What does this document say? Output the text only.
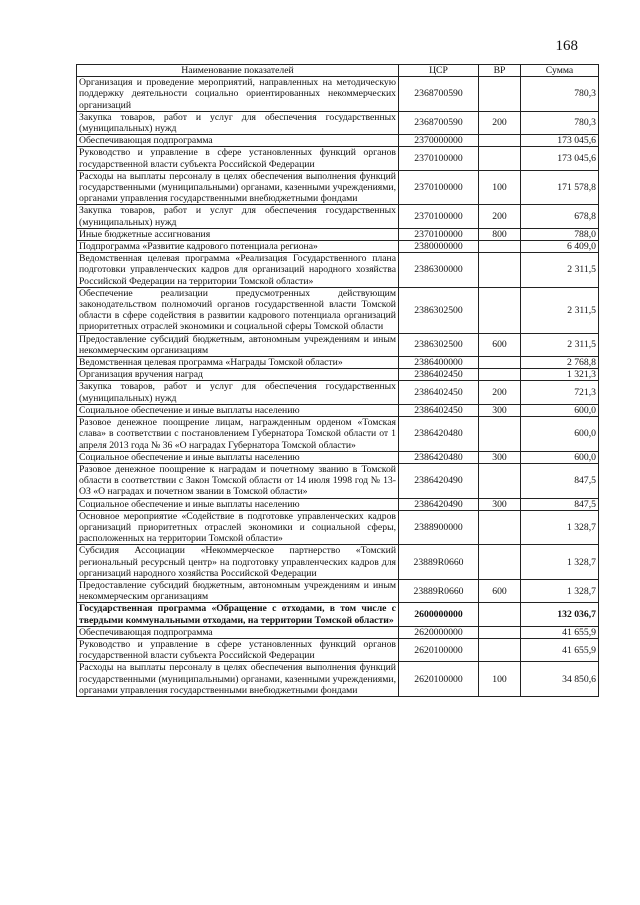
168
Наименование показателей	ЦСР	ВР	Сумма
Организация и проведение мероприятий, направленных на методическую поддержку деятельности социально ориентированных некоммерческих организаций	2368700590		780,3
Закупка товаров, работ и услуг для обеспечения государственных (муниципальных) нужд	2368700590	200	780,3
Обеспечивающая подпрограмма	2370000000		173 045,6
Руководство и управление в сфере установленных функций органов государственной власти субъекта Российской Федерации	2370100000		173 045,6
Расходы на выплаты персоналу в целях обеспечения выполнения функций государственными (муниципальными) органами, казенными учреждениями, органами управления государственными внебюджетными фондами	2370100000	100	171 578,8
Закупка товаров, работ и услуг для обеспечения государственных (муниципальных) нужд	2370100000	200	678,8
Иные бюджетные ассигнования	2370100000	800	788,0
Подпрограмма «Развитие кадрового потенциала региона»	2380000000		6 409,0
Ведомственная целевая программа «Реализация Государственного плана подготовки управленческих кадров для организаций народного хозяйства Российской Федерации на территории Томской области»	2386300000		2 311,5
Обеспечение реализации предусмотренных действующим законодательством полномочий органов государственной власти Томской области в сфере содействия в развитии кадрового потенциала организаций приоритетных отраслей экономики и социальной сферы Томской области	2386302500		2 311,5
Предоставление субсидий бюджетным, автономным учреждениям и иным некоммерческим организациям	2386302500	600	2 311,5
Ведомственная целевая программа «Награды Томской области»	2386400000		2 768,8
Организация вручения наград	2386402450		1 321,3
Закупка товаров, работ и услуг для обеспечения государственных (муниципальных) нужд	2386402450	200	721,3
Социальное обеспечение и иные выплаты населению	2386402450	300	600,0
Разовое денежное поощрение лицам, награжденным орденом «Томская слава» в соответствии с постановлением Губернатора Томской области от 1 апреля 2013 года № 36 «О наградах Губернатора Томской области»	2386420480		600,0
Социальное обеспечение и иные выплаты населению	2386420480	300	600,0
Разовое денежное поощрение к наградам и почетному званию в Томской области в соответствии с Закон Томской области от 14 июля 1998 год № 13-ОЗ «О наградах и почетном звании в Томской области»	2386420490		847,5
Социальное обеспечение и иные выплаты населению	2386420490	300	847,5
Основное мероприятие «Содействие в подготовке управленческих кадров организаций приоритетных отраслей экономики и социальной сферы, расположенных на территории Томской области»	2388900000		1 328,7
Субсидия Ассоциации «Некоммерческое партнерство «Томский региональный ресурсный центр» на подготовку управленческих кадров для организаций народного хозяйства Российской Федерации	23889R0660		1 328,7
Предоставление субсидий бюджетным, автономным учреждениям и иным некоммерческим организациям	23889R0660	600	1 328,7
Государственная программа «Обращение с отходами, в том числе с твердыми коммунальными отходами, на территории Томской области»	2600000000		132 036,7
Обеспечивающая подпрограмма	2620000000		41 655,9
Руководство и управление в сфере установленных функций органов государственной власти субъекта Российской Федерации	2620100000		41 655,9
Расходы на выплаты персоналу в целях обеспечения выполнения функций государственными (муниципальными) органами, казенными учреждениями, органами управления государственными внебюджетными фондами	2620100000	100	34 850,6
